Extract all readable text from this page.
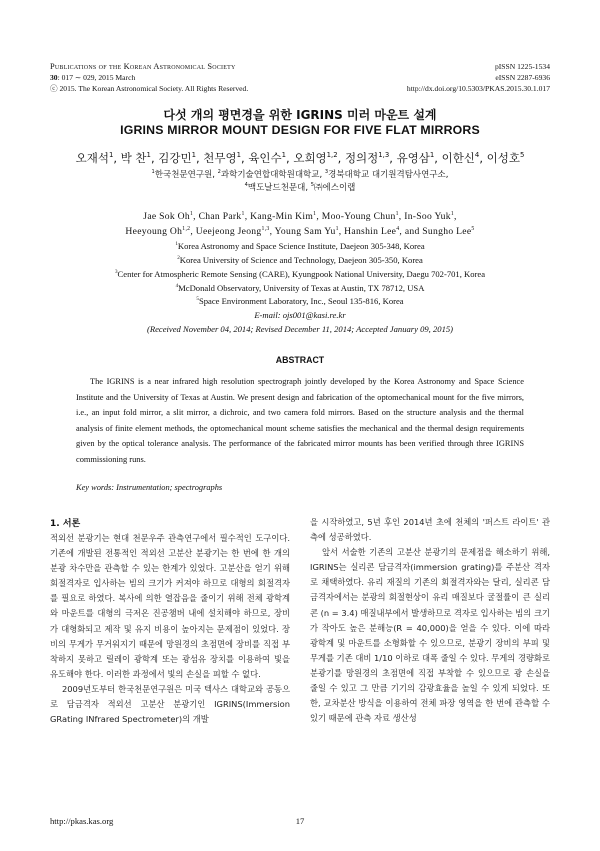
Publications of the Korean Astronomical Society
30: 017 ∼ 029, 2015 March
ⓒ 2015. The Korean Astronomical Society. All Rights Reserved.
pISSN 1225-1534
eISSN 2287-6936
http://dx.doi.org/10.5303/PKAS.2015.30.1.017
다섯 개의 평면경을 위한 IGRINS 미러 마운트 설계
IGRINS MIRROR MOUNT DESIGN FOR FIVE FLAT MIRRORS
오재석$^1$, 박 찬$^1$, 김강민$^1$, 천무영$^1$, 육인수$^1$, 오희영$^{1,2}$, 정의정$^{1,3}$, 유영삼$^1$, 이한신$^4$, 이성호$^5$
$^1$한국천문연구원, $^2$과학기술연합대학원대학교, $^3$경북대학교 대기원격탐사연구소,
$^4$맥도날드천문대, $^5$㈜에스이랩
Jae Sok Oh$^1$, Chan Park$^1$, Kang-Min Kim$^1$, Moo-Young Chun$^1$, In-Soo Yuk$^1$,
Heeyoung Oh$^{1,2}$, Ueejeong Jeong$^{1,3}$, Young Sam Yu$^1$, Hanshin Lee$^4$, and Sungho Lee$^5$
$^1$Korea Astronomy and Space Science Institute, Daejeon 305-348, Korea
$^2$Korea University of Science and Technology, Daejeon 305-350, Korea
$^3$Center for Atmospheric Remote Sensing (CARE), Kyungpook National University, Daegu 702-701, Korea
$^4$McDonald Observatory, University of Texas at Austin, TX 78712, USA
$^5$Space Environment Laboratory, Inc., Seoul 135-816, Korea
E-mail: ojs001@kasi.re.kr
(Received November 04, 2014; Revised December 11, 2014; Accepted January 09, 2015)
ABSTRACT
The IGRINS is a near infrared high resolution spectrograph jointly developed by the Korea Astronomy and Space Science Institute and the University of Texas at Austin. We present design and fabrication of the optomechanical mount for the five mirrors, i.e., an input fold mirror, a slit mirror, a dichroic, and two camera fold mirrors. Based on the structure analysis and the thermal analysis of finite element methods, the optomechanical mount scheme satisfies the mechanical and the thermal design requirements given by the optical tolerance analysis. The performance of the fabricated mirror mounts has been verified through three IGRINS commissioning runs.
Key words: Instrumentation; spectrographs
1. 서론

적외선 분광기는 현대 천문우주 관측연구에서 필수적인 도구이다. 기존에 개발된 전통적인 적외선 고분산 분광기는 한 번에 한 개의 분광 차수만을 관측할 수 있는 한계가 있었다. 고분산을 얻기 위해 회절격자로 입사하는 빔의 크기가 커져야 하므로 대형의 회절격자를 필요로 하였다. 복사에 의한 열잡음을 줄이기 위해 전체 광학계와 마운트를 대형의 극저온 진공챔버 내에 설치해야 하므로, 장비가 대형화되고 제작 및 유지 비용이 높아지는 문제점이 있었다. 장비의 무게가 무거워지기 때문에 망원경의 초점면에 장비를 직접 부착하지 못하고 릴레이 광학계 또는 광섬유 장치를 이용하여 빛을 유도해야 한다. 이러한 과정에서 빛의 손실을 피할 수 없다.

2009년도부터 한국천문연구원은 미국 텍사스 대학교와 공동으로 담금격자 적외선 고분산 분광기인 IGRINS(Immersion GRating INfrared Spectrometer)의 개발

을 시작하였고, 5년 후인 2014년 초에 천체의 '퍼스트 라이트' 관측에 성공하였다.

앞서 서술한 기존의 고분산 분광기의 문제점을 해소하기 위해, IGRINS는 실리콘 담금격자(immersion grating)를 주분산 격자로 채택하였다. 유리 재질의 기존의 회절격자와는 달리, 실리콘 담금격자에서는 분광의 회절현상이 유리 매질보다 굴절률이 큰 실리콘 (n = 3.4) 매질내부에서 발생하므로 격자로 입사하는 빔의 크기가 작아도 높은 분해능(R = 40,000)을 얻을 수 있다. 이에 따라 광학계 및 마운트를 소형화할 수 있으므로, 분광기 장비의 부피 및 무게를 기존 대비 1/10 이하로 대폭 줄일 수 있다. 무게의 경량화로 분광기를 망원경의 초점면에 직접 부착할 수 있으므로 광 손실을 줄일 수 있고 그 만큼 기기의 감광효율을 높일 수 있게 되었다. 또한, 교차분산 방식을 이용하여 전체 파장 영역을 한 번에 관측할 수 있기 때문에 관측 자료 생산성

http://pkas.kas.org	17
